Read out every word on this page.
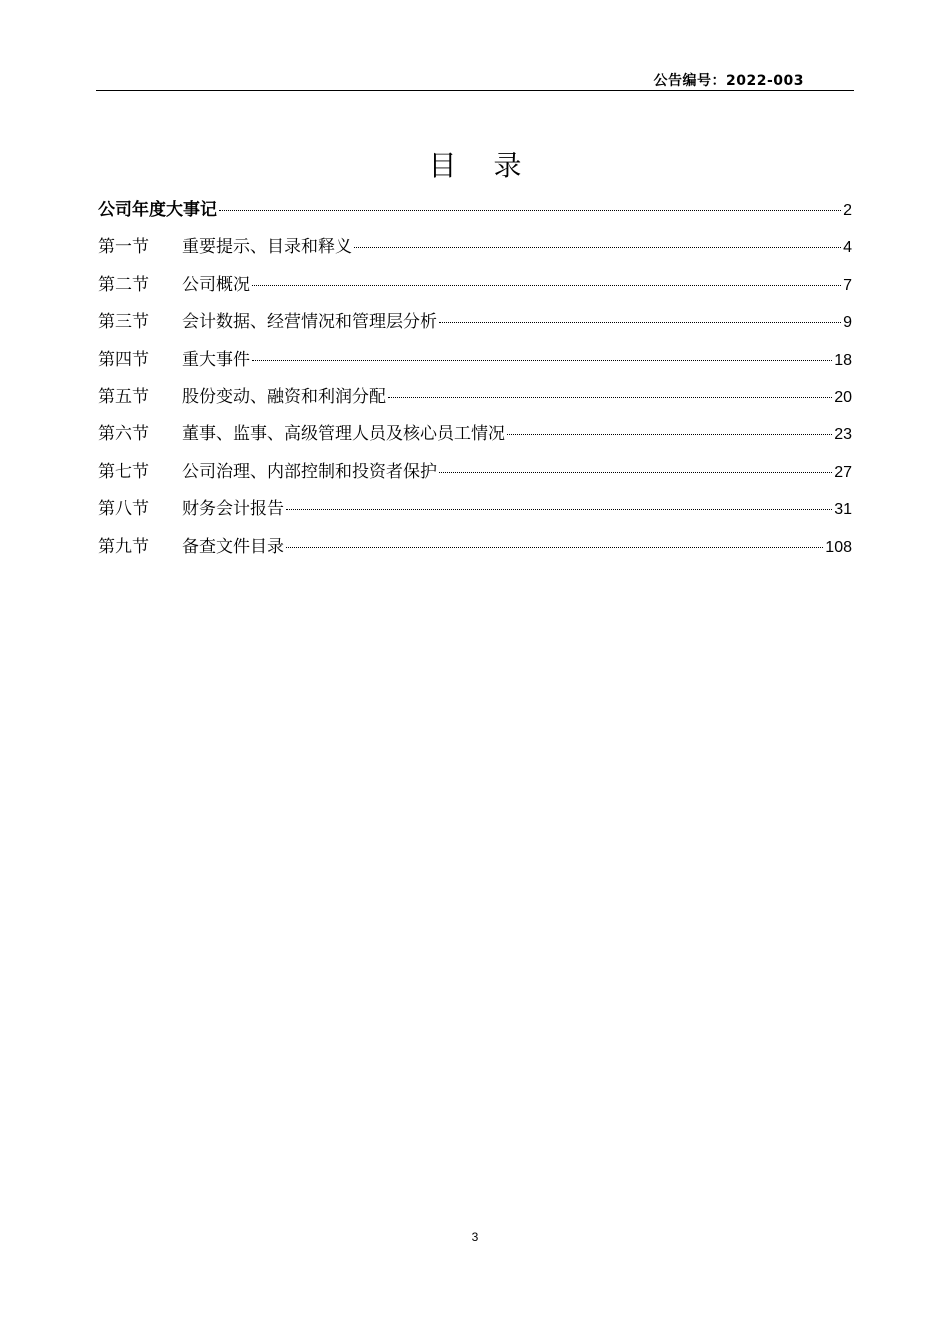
公告编号：2022-003
目 录
公司年度大事记	2
第一节	重要提示、目录和释义	4
第二节	公司概况	7
第三节	会计数据、经营情况和管理层分析	9
第四节	重大事件	18
第五节	股份变动、融资和利润分配	20
第六节	董事、监事、高级管理人员及核心员工情况	23
第七节	公司治理、内部控制和投资者保护	27
第八节	财务会计报告	31
第九节	备查文件目录	108
3
